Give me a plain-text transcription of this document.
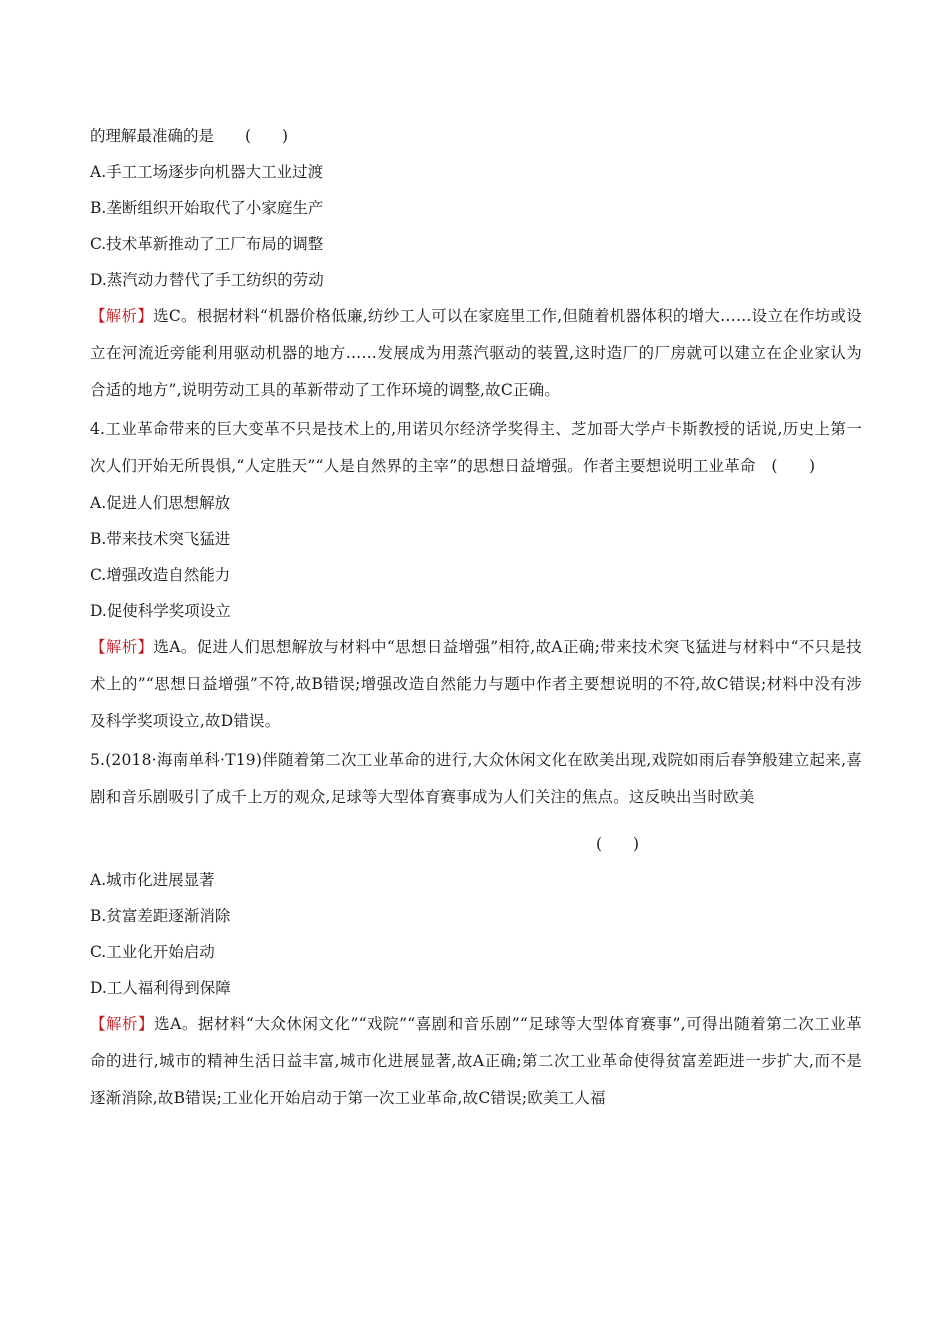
的理解最准确的是　　(　　)
A.手工工场逐步向机器大工业过渡
B.垄断组织开始取代了小家庭生产
C.技术革新推动了工厂布局的调整
D.蒸汽动力替代了手工纺织的劳动
【解析】选C。根据材料“机器价格低廉,纺纱工人可以在家庭里工作,但随着机器体积的增大……设立在作坊或设立在河流近旁能利用驱动机器的地方……发展成为用蒸汽驱动的装置,这时造厂的厂房就可以建立在企业家认为合适的地方”,说明劳动工具的革新带动了工作环境的调整,故C正确。
4.工业革命带来的巨大变革不只是技术上的,用诺贝尔经济学奖得主、芝加哥大学卢卡斯教授的话说,历史上第一次人们开始无所畏惧,“人定胜天”“人是自然界的主宰”的思想日益增强。作者主要想说明工业革命　(　　)
A.促进人们思想解放
B.带来技术突飞猛进
C.增强改造自然能力
D.促使科学奖项设立
【解析】选A。促进人们思想解放与材料中“思想日益增强”相符,故A正确;带来技术突飞猛进与材料中“不只是技术上的”“思想日益增强”不符,故B错误;增强改造自然能力与题中作者主要想说明的不符,故C错误;材料中没有涉及科学奖项设立,故D错误。
5.(2018·海南单科·T19)伴随着第二次工业革命的进行,大众休闲文化在欧美出现,戏院如雨后春笋般建立起来,喜剧和音乐剧吸引了成千上万的观众,足球等大型体育赛事成为人们关注的焦点。这反映出当时欧美
(　　)
A.城市化进展显著
B.贫富差距逐渐消除
C.工业化开始启动
D.工人福利得到保障
【解析】选A。据材料“大众休闲文化”“戏院”“喜剧和音乐剧”“足球等大型体育赛事”,可得出随着第二次工业革命的进行,城市的精神生活日益丰富,城市化进展显著,故A正确;第二次工业革命使得贫富差距进一步扩大,而不是逐渐消除,故B错误;工业化开始启动于第一次工业革命,故C错误;欧美工人福
